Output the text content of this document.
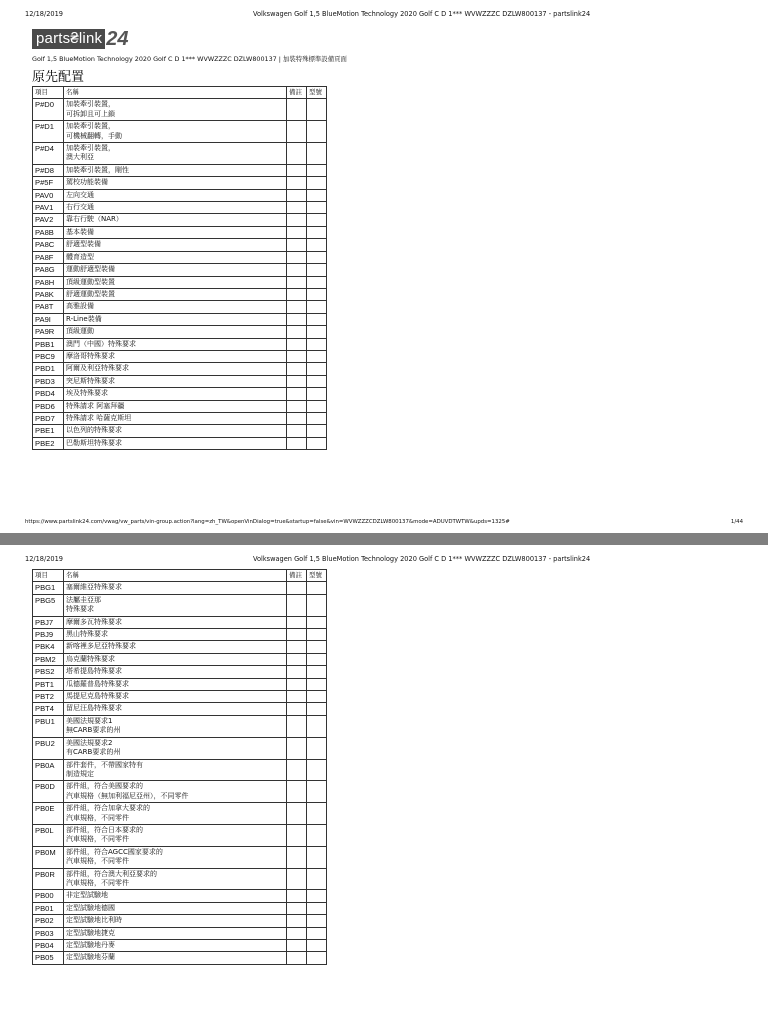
12/18/2019	Volkswagen Golf 1,5 BlueMotion Technology 2020 Golf C D 1*** WVWZZZC DZLW800137 - partslink24
parts₴link 24
Golf 1,5 BlueMotion Technology 2020 Golf C D 1*** WVWZZZC DZLW800137 | 加裝特殊標準設備頁面
原先配置
項目	名稱	備註	型號
P#D0	加裝牽引裝置，
可拆卸且可上鎖		
P#D1	加裝牽引裝置，
可機械翻轉，手動		
P#D4	加裝牽引裝置，
澳大利亞		
P#D8	加裝牽引裝置，剛性		
P#5F	駕校功能裝備		
PAV0	左向交通		
PAV1	右行交通		
PAV2	靠右行駛（NAR）		
PA8B	基本裝備		
PA8C	舒適型裝備		
PA8F	體育造型		
PA8G	運動舒適型裝備		
PA8H	頂級運動型裝置		
PA8K	舒適運動型裝置		
PA8T	高雅設備		
PA9I	R-Line裝備		
PA9R	頂級運動		
PBB1	澳門（中國）特殊要求		
PBC9	摩洛哥特殊要求		
PBD1	阿爾及利亞特殊要求		
PBD3	突尼斯特殊要求		
PBD4	埃及特殊要求		
PBD6	特殊請求 阿塞拜疆		
PBD7	特殊請求 哈薩克斯坦		
PBE1	以色列的特殊要求		
PBE2	巴勒斯坦特殊要求		
https://www.partslink24.com/vwag/vw_parts/vin-group.action?lang=zh_TW&openVinDialog=true&startup=false&vin=WVWZZZCDZLW800137&mode=ADUVDTWTW&upds=1325#	1/44
12/18/2019	Volkswagen Golf 1,5 BlueMotion Technology 2020 Golf C D 1*** WVWZZZC DZLW800137 - partslink24
項目	名稱	備註	型號
PBG1	塞爾維亞特殊要求		
PBG5	法屬圭亞那
特殊要求		
PBJ7	摩爾多瓦特殊要求		
PBJ9	黑山特殊要求		
PBK4	新喀裡多尼亞特殊要求		
PBM2	烏克蘭特殊要求		
PBS2	塔希提島特殊要求		
PBT1	瓜德羅普島特殊要求		
PBT2	馬提尼克島特殊要求		
PBT4	留尼汪島特殊要求		
PBU1	美國法規要求1
無CARB要求的州		
PBU2	美國法規要求2
有CARB要求的州		
PB0A	部件套件，不帶國家特有
制造規定		
PB0D	部件組，符合美國要求的
汽車規格（無加利福尼亞州），不同零件		
PB0E	部件組，符合加拿大要求的
汽車規格，不同零件		
PB0L	部件組，符合日本要求的
汽車規格，不同零件		
PB0M	部件組，符合AGCC國家要求的
汽車規格，不同零件		
PB0R	部件組，符合澳大利亞要求的
汽車規格，不同零件		
PB00	非定型試驗地		
PB01	定型試驗地德國		
PB02	定型試驗地比利時		
PB03	定型試驗地捷克		
PB04	定型試驗地丹麥		
PB05	定型試驗地芬蘭		
